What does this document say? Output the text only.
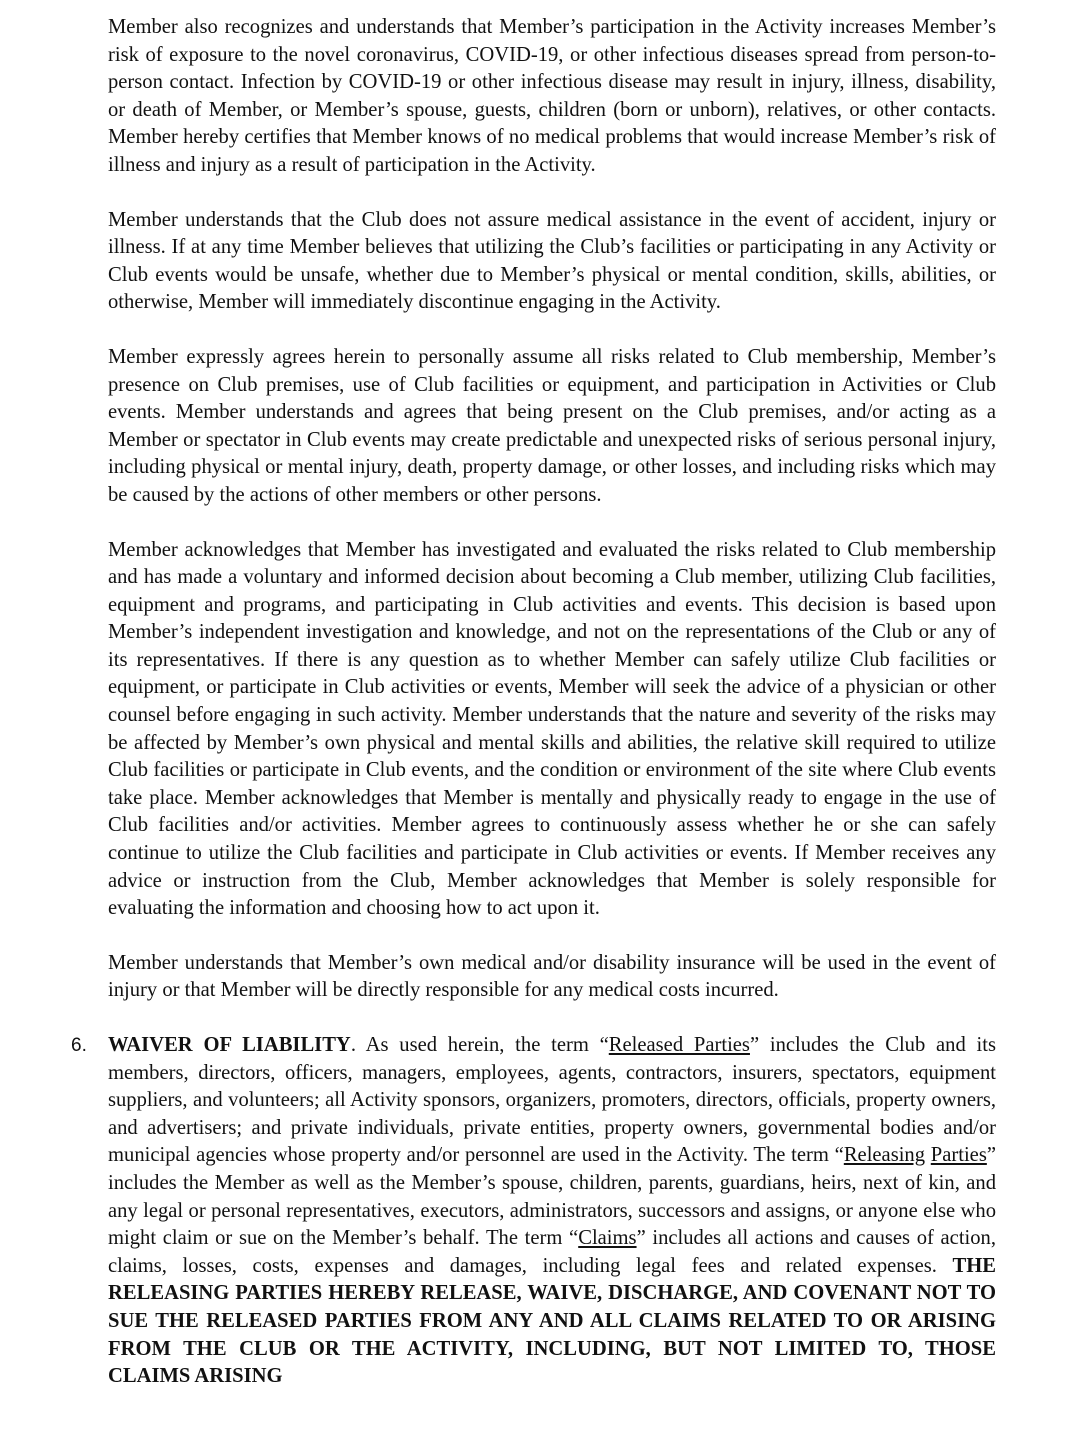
Member also recognizes and understands that Member’s participation in the Activity increases Member’s risk of exposure to the novel coronavirus, COVID-19, or other infectious diseases spread from person-to-person contact. Infection by COVID-19 or other infectious disease may result in injury, illness, disability, or death of Member, or Member’s spouse, guests, children (born or unborn), relatives, or other contacts. Member hereby certifies that Member knows of no medical problems that would increase Member’s risk of illness and injury as a result of participation in the Activity.

Member understands that the Club does not assure medical assistance in the event of accident, injury or illness. If at any time Member believes that utilizing the Club’s facilities or participating in any Activity or Club events would be unsafe, whether due to Member’s physical or mental condition, skills, abilities, or otherwise, Member will immediately discontinue engaging in the Activity.

Member expressly agrees herein to personally assume all risks related to Club membership, Member’s presence on Club premises, use of Club facilities or equipment, and participation in Activities or Club events. Member understands and agrees that being present on the Club premises, and/or acting as a Member or spectator in Club events may create predictable and unexpected risks of serious personal injury, including physical or mental injury, death, property damage, or other losses, and including risks which may be caused by the actions of other members or other persons.

Member acknowledges that Member has investigated and evaluated the risks related to Club membership and has made a voluntary and informed decision about becoming a Club member, utilizing Club facilities, equipment and programs, and participating in Club activities and events. This decision is based upon Member’s independent investigation and knowledge, and not on the representations of the Club or any of its representatives. If there is any question as to whether Member can safely utilize Club facilities or equipment, or participate in Club activities or events, Member will seek the advice of a physician or other counsel before engaging in such activity. Member understands that the nature and severity of the risks may be affected by Member’s own physical and mental skills and abilities, the relative skill required to utilize Club facilities or participate in Club events, and the condition or environment of the site where Club events take place. Member acknowledges that Member is mentally and physically ready to engage in the use of Club facilities and/or activities. Member agrees to continuously assess whether he or she can safely continue to utilize the Club facilities and participate in Club activities or events. If Member receives any advice or instruction from the Club, Member acknowledges that Member is solely responsible for evaluating the information and choosing how to act upon it.

Member understands that Member’s own medical and/or disability insurance will be used in the event of injury or that Member will be directly responsible for any medical costs incurred.

6. WAIVER OF LIABILITY. As used herein, the term “Released Parties” includes the Club and its members, directors, officers, managers, employees, agents, contractors, insurers, spectators, equipment suppliers, and volunteers; all Activity sponsors, organizers, promoters, directors, officials, property owners, and advertisers; and private individuals, private entities, property owners, governmental bodies and/or municipal agencies whose property and/or personnel are used in the Activity. The term “Releasing Parties” includes the Member as well as the Member’s spouse, children, parents, guardians, heirs, next of kin, and any legal or personal representatives, executors, administrators, successors and assigns, or anyone else who might claim or sue on the Member’s behalf. The term “Claims” includes all actions and causes of action, claims, losses, costs, expenses and damages, including legal fees and related expenses. THE RELEASING PARTIES HEREBY RELEASE, WAIVE, DISCHARGE, AND COVENANT NOT TO SUE THE RELEASED PARTIES FROM ANY AND ALL CLAIMS RELATED TO OR ARISING FROM THE CLUB OR THE ACTIVITY, INCLUDING, BUT NOT LIMITED TO, THOSE CLAIMS ARISING
